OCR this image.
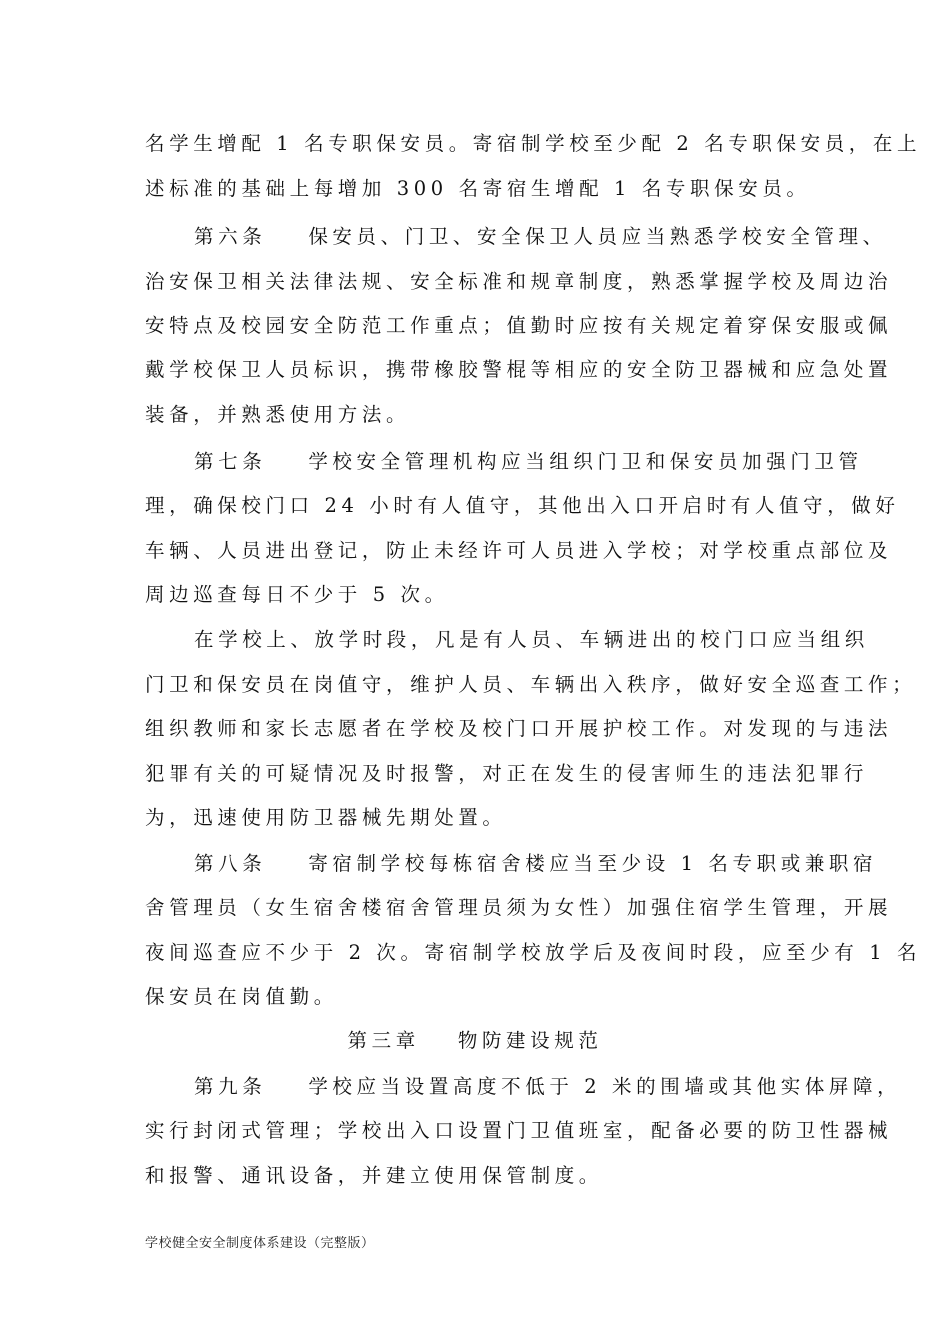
名学生增配 1 名专职保安员。寄宿制学校至少配 2 名专职保安员，在上
述标准的基础上每增加 300 名寄宿生增配 1 名专职保安员。
第六条 保安员、门卫、安全保卫人员应当熟悉学校安全管理、
治安保卫相关法律法规、安全标准和规章制度，熟悉掌握学校及周边治
安特点及校园安全防范工作重点；值勤时应按有关规定着穿保安服或佩
戴学校保卫人员标识，携带橡胶警棍等相应的安全防卫器械和应急处置
装备，并熟悉使用方法。
第七条 学校安全管理机构应当组织门卫和保安员加强门卫管
理，确保校门口 24 小时有人值守，其他出入口开启时有人值守，做好
车辆、人员进出登记，防止未经许可人员进入学校；对学校重点部位及
周边巡查每日不少于 5 次。
在学校上、放学时段，凡是有人员、车辆进出的校门口应当组织
门卫和保安员在岗值守，维护人员、车辆出入秩序，做好安全巡查工作；
组织教师和家长志愿者在学校及校门口开展护校工作。对发现的与违法
犯罪有关的可疑情况及时报警，对正在发生的侵害师生的违法犯罪行
为，迅速使用防卫器械先期处置。
第八条 寄宿制学校每栋宿舍楼应当至少设 1 名专职或兼职宿
舍管理员（女生宿舍楼宿舍管理员须为女性）加强住宿学生管理，开展
夜间巡查应不少于 2 次。寄宿制学校放学后及夜间时段，应至少有 1 名
保安员在岗值勤。
第三章 物防建设规范
第九条 学校应当设置高度不低于 2 米的围墙或其他实体屏障，
实行封闭式管理；学校出入口设置门卫值班室，配备必要的防卫性器械
和报警、通讯设备，并建立使用保管制度。
学校健全安全制度体系建设（完整版）
